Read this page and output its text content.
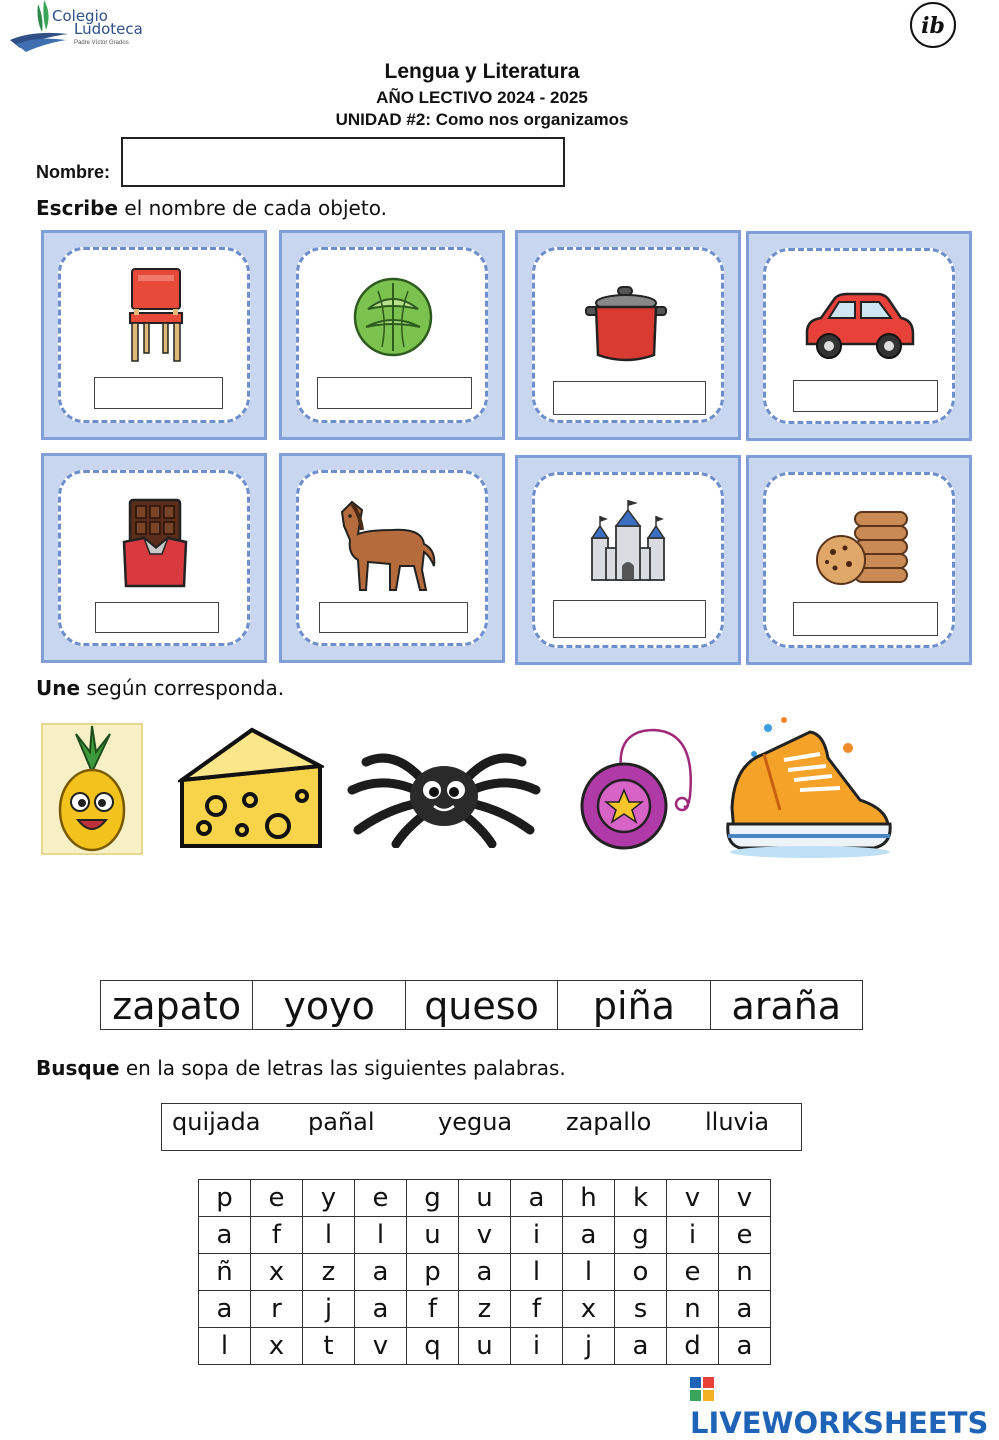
Colegio
Ludoteca
Padre Víctor Grados
ib
Lengua y Literatura
AÑO LECTIVO 2024 - 2025
UNIDAD #2: Como nos organizamos
Nombre:
Escribe el nombre de cada objeto.
Une según corresponda.
zapato	yoyo	queso	piña	araña
Busque en la sopa de letras las siguientes palabras.
quijada pañal	yegua zapallo lluvia
p	e	y	e	g	u	a	h	k	v	v
a	f	l	l	u	v	i	a	g	i	e
ñ	x	z	a	p	a	l	l	o	e	n
a	r	j	a	f	z	f	x	s	n	a
l	x	t	v	q	u	i	j	a	d	a
LIVEWORKSHEETS
